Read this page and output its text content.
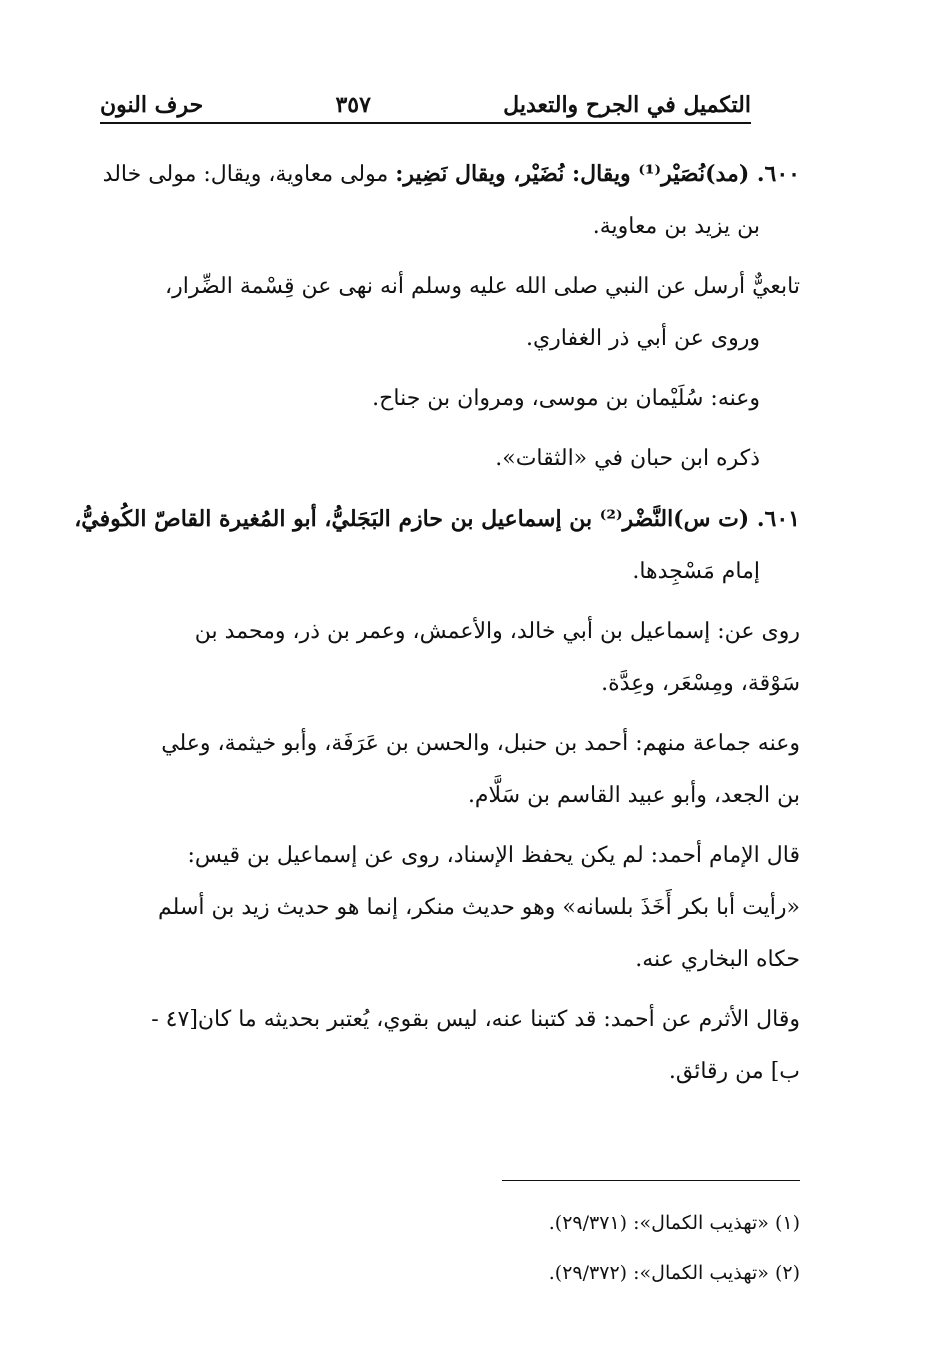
التكميل في الجرح والتعديل
٣٥٧
حرف النون

٦٠٠. (مد)نُصَيْر⁽¹⁾ ويقال: نُضَيْر، ويقال نَضِير: مولى معاوية، ويقال: مولى خالد

بن يزيد بن معاوية.

تابعيٌّ أرسل عن النبي صلى الله عليه وسلم أنه نهى عن قِسْمة الضِّرار،

وروى عن أبي ذر الغفاري.

وعنه: سُلَيْمان بن موسى، ومروان بن جناح.

ذكره ابن حبان في «الثقات».

٦٠١. (ت س)النَّضْر⁽²⁾ بن إسماعيل بن حازم البَجَليُّ، أبو المُغيرة القاصّ الكُوفيُّ،

إمام مَسْجِدها.

روى عن: إسماعيل بن أبي خالد، والأعمش، وعمر بن ذر، ومحمد بن

سَوْقة، ومِسْعَر، وعِدَّة.

وعنه جماعة منهم: أحمد بن حنبل، والحسن بن عَرَفَة، وأبو خيثمة، وعلي

بن الجعد، وأبو عبيد القاسم بن سَلَّام.

قال الإمام أحمد: لم يكن يحفظ الإسناد، روى عن إسماعيل بن قيس:

«رأيت أبا بكر أَخَذَ بلسانه» وهو حديث منكر، إنما هو حديث زيد بن أسلم

حكاه البخاري عنه.

وقال الأثرم عن أحمد: قد كتبنا عنه، ليس بقوي، يُعتبر بحديثه ما كان[٤٧ -

ب] من رقائق.

(١) «تهذيب الكمال»: (٢٩/٣٧١).
(٢) «تهذيب الكمال»: (٢٩/٣٧٢).
